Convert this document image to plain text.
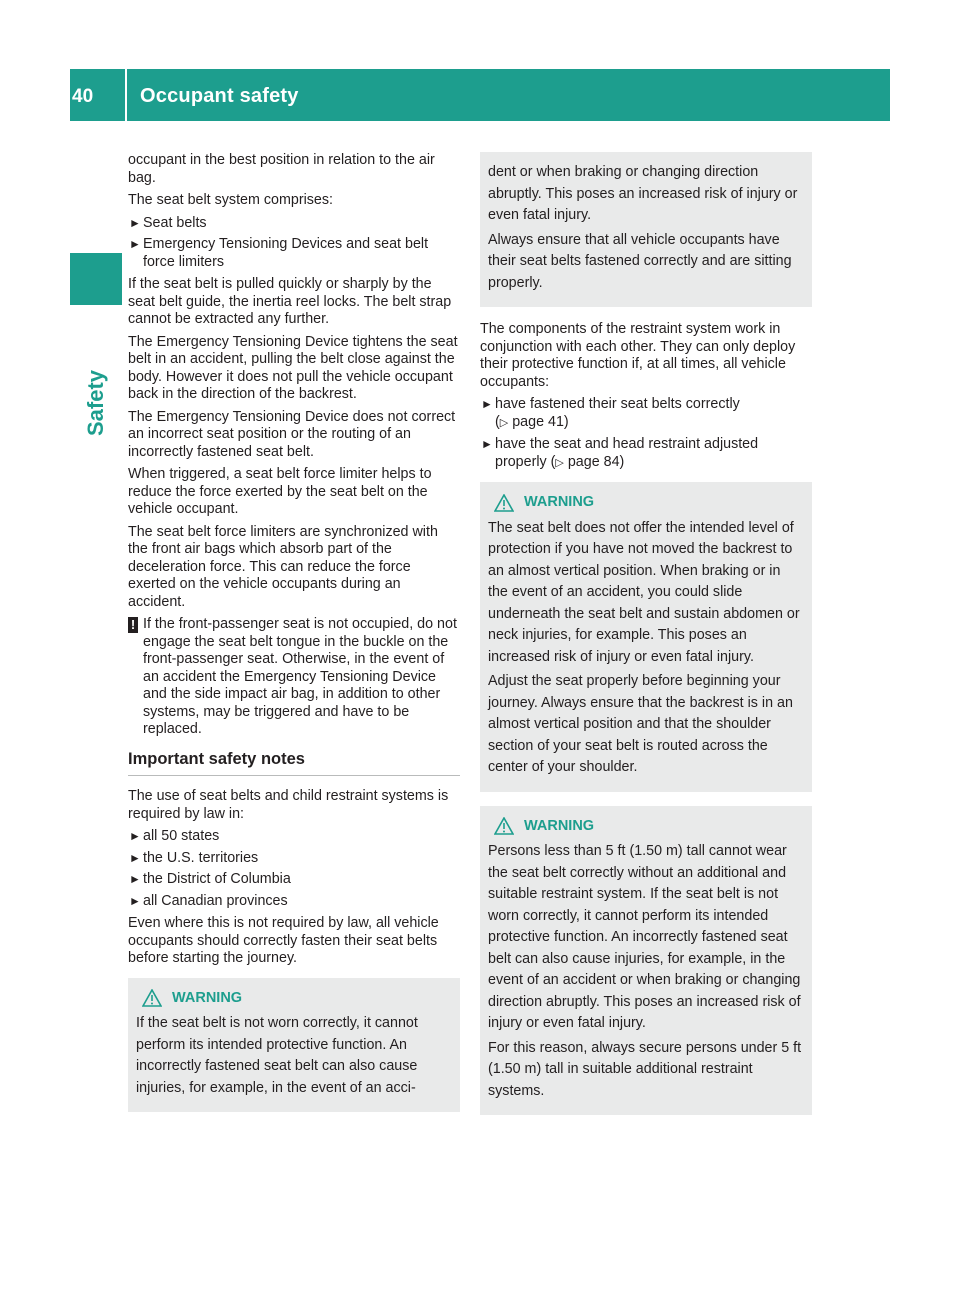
40	Occupant safety
Safety

occupant in the best position in relation to the air bag.

The seat belt system comprises:

► Seat belts
► Emergency Tensioning Devices and seat belt force limiters

If the seat belt is pulled quickly or sharply by the seat belt guide, the inertia reel locks. The belt strap cannot be extracted any further.

The Emergency Tensioning Device tightens the seat belt in an accident, pulling the belt close against the body. However it does not pull the vehicle occupant back in the direction of the backrest.

The Emergency Tensioning Device does not correct an incorrect seat position or the routing of an incorrectly fastened seat belt.

When triggered, a seat belt force limiter helps to reduce the force exerted by the seat belt on the vehicle occupant.

The seat belt force limiters are synchronized with the front air bags which absorb part of the deceleration force. This can reduce the force exerted on the vehicle occupants during an accident.

! If the front-passenger seat is not occupied, do not engage the seat belt tongue in the buckle on the front-passenger seat. Otherwise, in the event of an accident the Emergency Tensioning Device and the side impact air bag, in addition to other systems, may be triggered and have to be replaced.
Important safety notes

The use of seat belts and child restraint systems is required by law in:

► all 50 states
► the U.S. territories
► the District of Columbia
► all Canadian provinces

Even where this is not required by law, all vehicle occupants should correctly fasten their seat belts before starting the journey.

WARNING

If the seat belt is not worn correctly, it cannot perform its intended protective function. An incorrectly fastened seat belt can also cause injuries, for example, in the event of an acci-

dent or when braking or changing direction abruptly. This poses an increased risk of injury or even fatal injury.

Always ensure that all vehicle occupants have their seat belts fastened correctly and are sitting properly.

The components of the restraint system work in conjunction with each other. They can only deploy their protective function if, at all times, all vehicle occupants:

► have fastened their seat belts correctly
(▷ page 41)
► have the seat and head restraint adjusted properly (▷ page 84)
WARNING

The seat belt does not offer the intended level of protection if you have not moved the backrest to an almost vertical position. When braking or in the event of an accident, you could slide underneath the seat belt and sustain abdomen or neck injuries, for example. This poses an increased risk of injury or even fatal injury.

Adjust the seat properly before beginning your journey. Always ensure that the backrest is in an almost vertical position and that the shoulder section of your seat belt is routed across the center of your shoulder.

WARNING

Persons less than 5 ft (1.50 m) tall cannot wear the seat belt correctly without an additional and suitable restraint system. If the seat belt is not worn correctly, it cannot perform its intended protective function. An incorrectly fastened seat belt can also cause injuries, for example, in the event of an accident or when braking or changing direction abruptly. This poses an increased risk of injury or even fatal injury.

For this reason, always secure persons under 5 ft (1.50 m) tall in suitable additional restraint systems.
